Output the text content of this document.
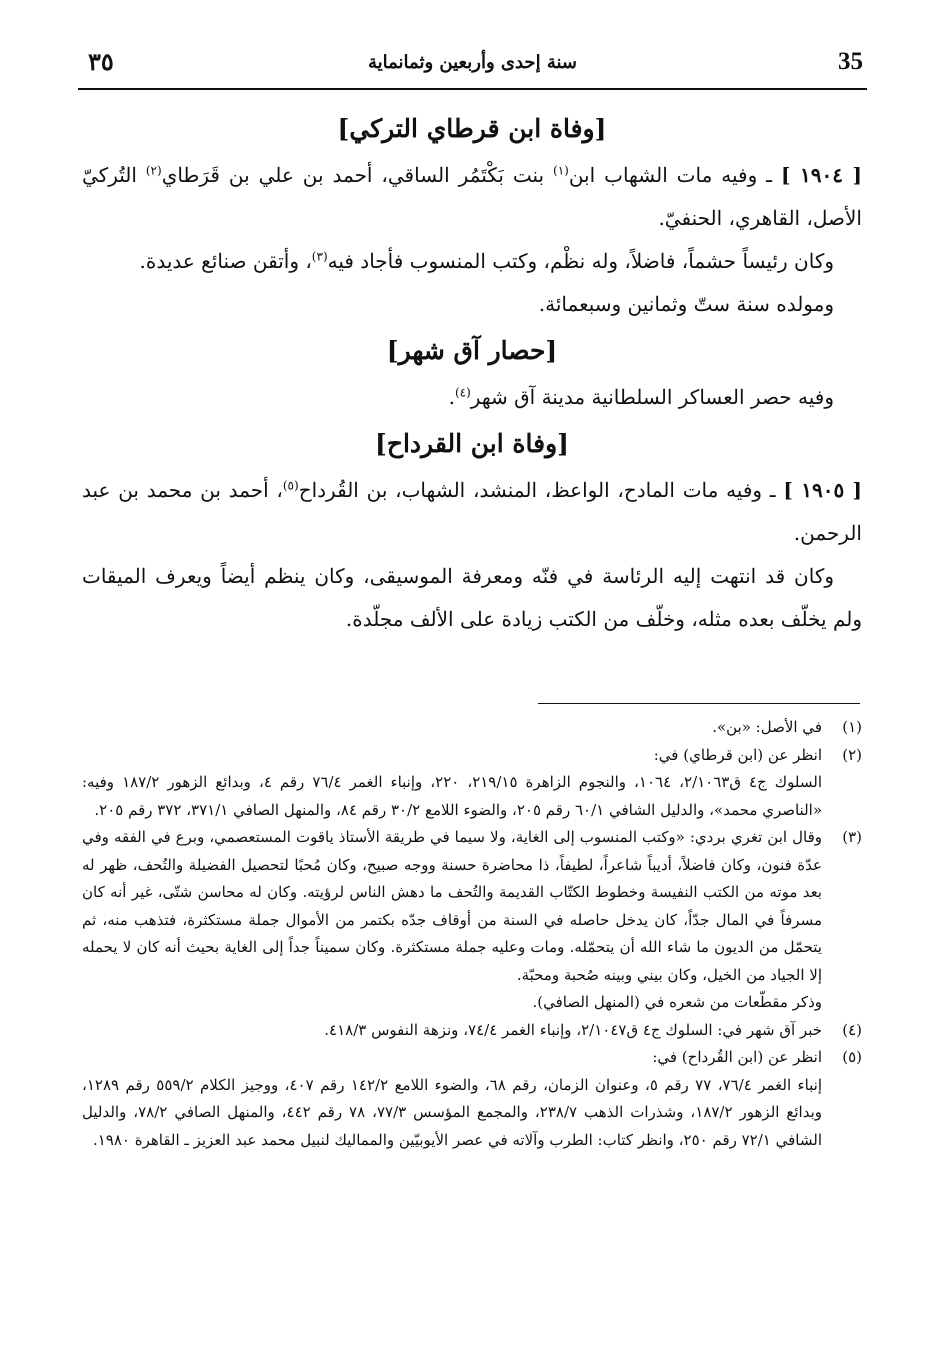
35
سنة إحدى وأربعين وثمانماية
٣٥
[وفاة ابن قرطاي التركي]

[ ١٩٠٤ ] ـ وفيه مات الشهاب ابن$^{(١)}$ بنت بَكْتَمُر الساقي، أحمد بن علي بن قَرَطاي$^{(٢)}$ التُركيّ الأصل، القاهري، الحنفيّ.

وكان رئيساً حشماً، فاضلاً، وله نظْم، وكتب المنسوب فأجاد فيه$^{(٣)}$، وأتقن صنائع عديدة.

ومولده سنة ستّ وثمانين وسبعمائة.

[حصار آق شهر]

وفيه حصر العساكر السلطانية مدينة آق شهر$^{(٤)}$.

[وفاة ابن القرداح]

[ ١٩٠٥ ] ـ وفيه مات المادح، الواعظ، المنشد، الشهاب، بن القُرداح$^{(٥)}$، أحمد بن محمد بن عبد الرحمن.

وكان قد انتهت إليه الرئاسة في فنّه ومعرفة الموسيقى، وكان ينظم أيضاً ويعرف الميقات ولم يخلّف بعده مثله، وخلّف من الكتب زيادة على الألف مجلّدة.

(١)

في الأصل: «بن».

(٢)

انظر عن (ابن قرطاي) في:

السلوك ج٤ ق٢/١٠٦٣، ١٠٦٤، والنجوم الزاهرة ٢١٩/١٥، ٢٢٠، وإنباء الغمر ٧٦/٤ رقم ٤، وبدائع الزهور ١٨٧/٢ وفيه: «الناصري محمد»، والدليل الشافي ٦٠/١ رقم ٢٠٥، والضوء اللامع ٣٠/٢ رقم ٨٤، والمنهل الصافي ٣٧١/١، ٣٧٢ رقم ٢٠٥.

(٣)

وقال ابن تغري بردي: «وكتب المنسوب إلى الغاية، ولا سيما في طريقة الأستاذ ياقوت المستعصمي، وبرع في الفقه وفي عدّة فنون، وكان فاضلاً، أديباً شاعراً، لطيفاً، ذا محاضرة حسنة ووجه صبيح، وكان مُحبًا لتحصيل الفضيلة والتُحف، ظهر له بعد موته من الكتب النفيسة وخطوط الكتّاب القديمة والتُحف ما دهش الناس لرؤيته. وكان له محاسن شتّى، غير أنه كان مسرفاً في المال جدّاً، كان يدخل حاصله في السنة من أوقاف جدّه بكتمر من الأموال جملة مستكثرة، فتذهب منه، ثم يتحمّل من الديون ما شاء الله أن يتحمّله. ومات وعليه جملة مستكثرة. وكان سميناً جداً إلى الغاية بحيث أنه كان لا يحمله إلا الجياد من الخيل، وكان بيني وبينه صُحبة ومحبّة.

وذكر مقطّعات من شعره في (المنهل الصافي).

(٤)

خبر آق شهر في: السلوك ج٤ ق٢/١٠٤٧، وإنباء الغمر ٧٤/٤، ونزهة النفوس ٤١٨/٣.

(٥)

انظر عن (ابن القُرداح) في:

إنباء الغمر ٧٦/٤، ٧٧ رقم ٥، وعنوان الزمان، رقم ٦٨، والضوء اللامع ١٤٢/٢ رقم ٤٠٧، ووجيز الكلام ٥٥٩/٢ رقم ١٢٨٩، وبدائع الزهور ١٨٧/٢، وشذرات الذهب ٢٣٨/٧، والمجمع المؤسس ٧٧/٣، ٧٨ رقم ٤٤٢، والمنهل الصافي ٧٨/٢، والدليل الشافي ٧٢/١ رقم ٢٥٠، وانظر كتاب: الطرب وآلاته في عصر الأيوبيّين والمماليك لنبيل محمد عبد العزيز ـ القاهرة ١٩٨٠.
